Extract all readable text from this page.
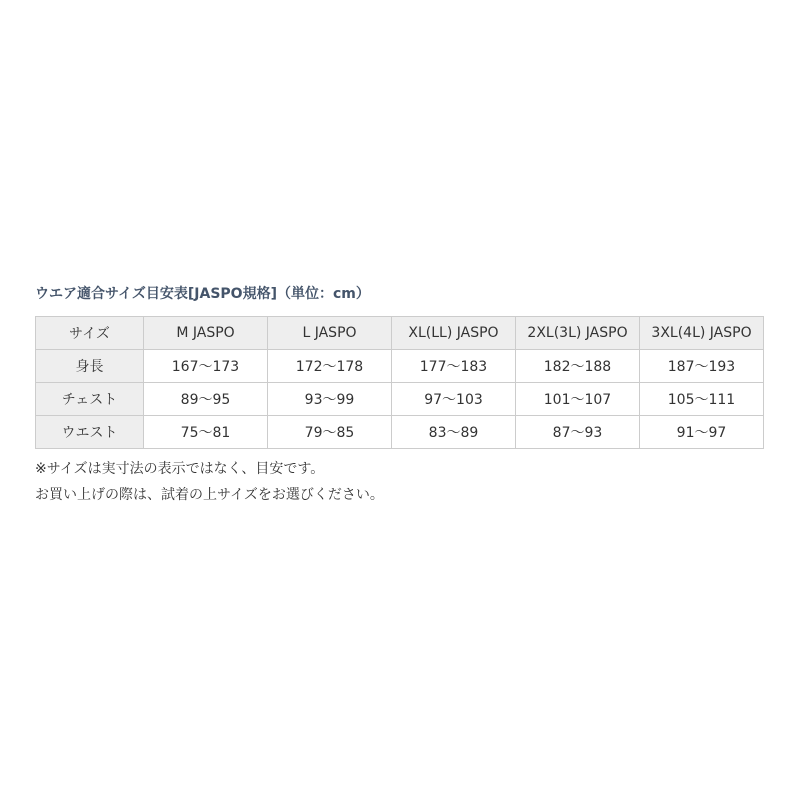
ウエア適合サイズ目安表[JASPO規格]（単位：cm）

サイズ	M JASPO	L JASPO	XL(LL) JASPO	2XL(3L) JASPO	3XL(4L) JASPO
身長	167～173	172～178	177～183	182～188	187～193
チェスト	89～95	93～99	97～103	101～107	105～111
ウエスト	75～81	79～85	83～89	87～93	91～97

※サイズは実寸法の表示ではなく、目安です。

お買い上げの際は、試着の上サイズをお選びください。
